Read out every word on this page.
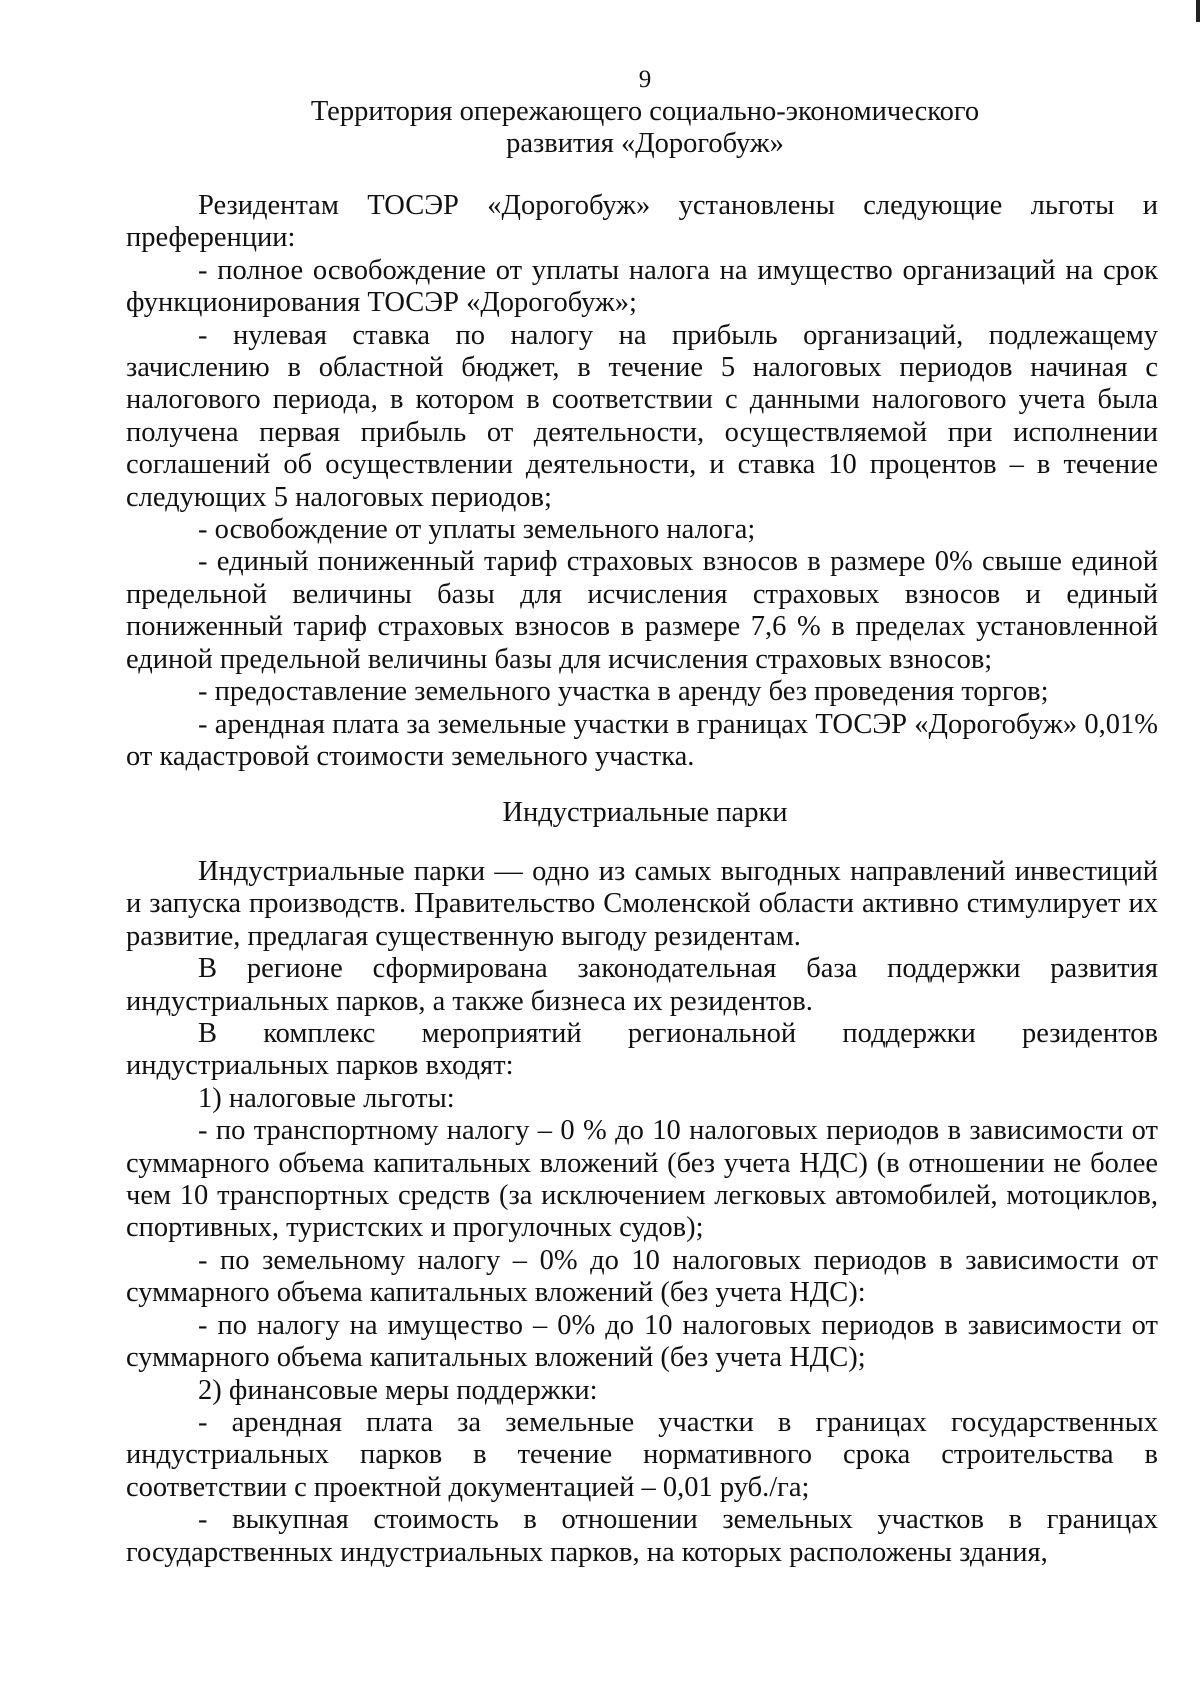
9
Территория опережающего социально-экономического
развития «Дорогобуж»

Резидентам ТОСЭР «Дорогобуж» установлены следующие льготы и преференции:

- полное освобождение от уплаты налога на имущество организаций на срок функционирования ТОСЭР «Дорогобуж»;

- нулевая ставка по налогу на прибыль организаций, подлежащему зачислению в областной бюджет, в течение 5 налоговых периодов начиная с налогового периода, в котором в соответствии с данными налогового учета была получена первая прибыль от деятельности, осуществляемой при исполнении соглашений об осуществлении деятельности, и ставка 10 процентов – в течение следующих 5 налоговых периодов;

- освобождение от уплаты земельного налога;

- единый пониженный тариф страховых взносов в размере 0% свыше единой предельной величины базы для исчисления страховых взносов и единый пониженный тариф страховых взносов в размере 7,6 % в пределах установленной единой предельной величины базы для исчисления страховых взносов;

- предоставление земельного участка в аренду без проведения торгов;

- арендная плата за земельные участки в границах ТОСЭР «Дорогобуж» 0,01% от кадастровой стоимости земельного участка.

Индустриальные парки

Индустриальные парки — одно из самых выгодных направлений инвестиций и запуска производств. Правительство Смоленской области активно стимулирует их развитие, предлагая существенную выгоду резидентам.

В регионе сформирована законодательная база поддержки развития индустриальных парков, а также бизнеса их резидентов.

В комплекс мероприятий региональной поддержки резидентов индустриальных парков входят:

1) налоговые льготы:

- по транспортному налогу – 0 % до 10 налоговых периодов в зависимости от суммарного объема капитальных вложений (без учета НДС) (в отношении не более чем 10 транспортных средств (за исключением легковых автомобилей, мотоциклов, спортивных, туристских и прогулочных судов);

- по земельному налогу – 0% до 10 налоговых периодов в зависимости от суммарного объема капитальных вложений (без учета НДС):

- по налогу на имущество – 0% до 10 налоговых периодов в зависимости от суммарного объема капитальных вложений (без учета НДС);

2) финансовые меры поддержки:

- арендная плата за земельные участки в границах государственных индустриальных парков в течение нормативного срока строительства в соответствии с проектной документацией – 0,01 руб./га;

- выкупная стоимость в отношении земельных участков в границах государственных индустриальных парков, на которых расположены здания,
